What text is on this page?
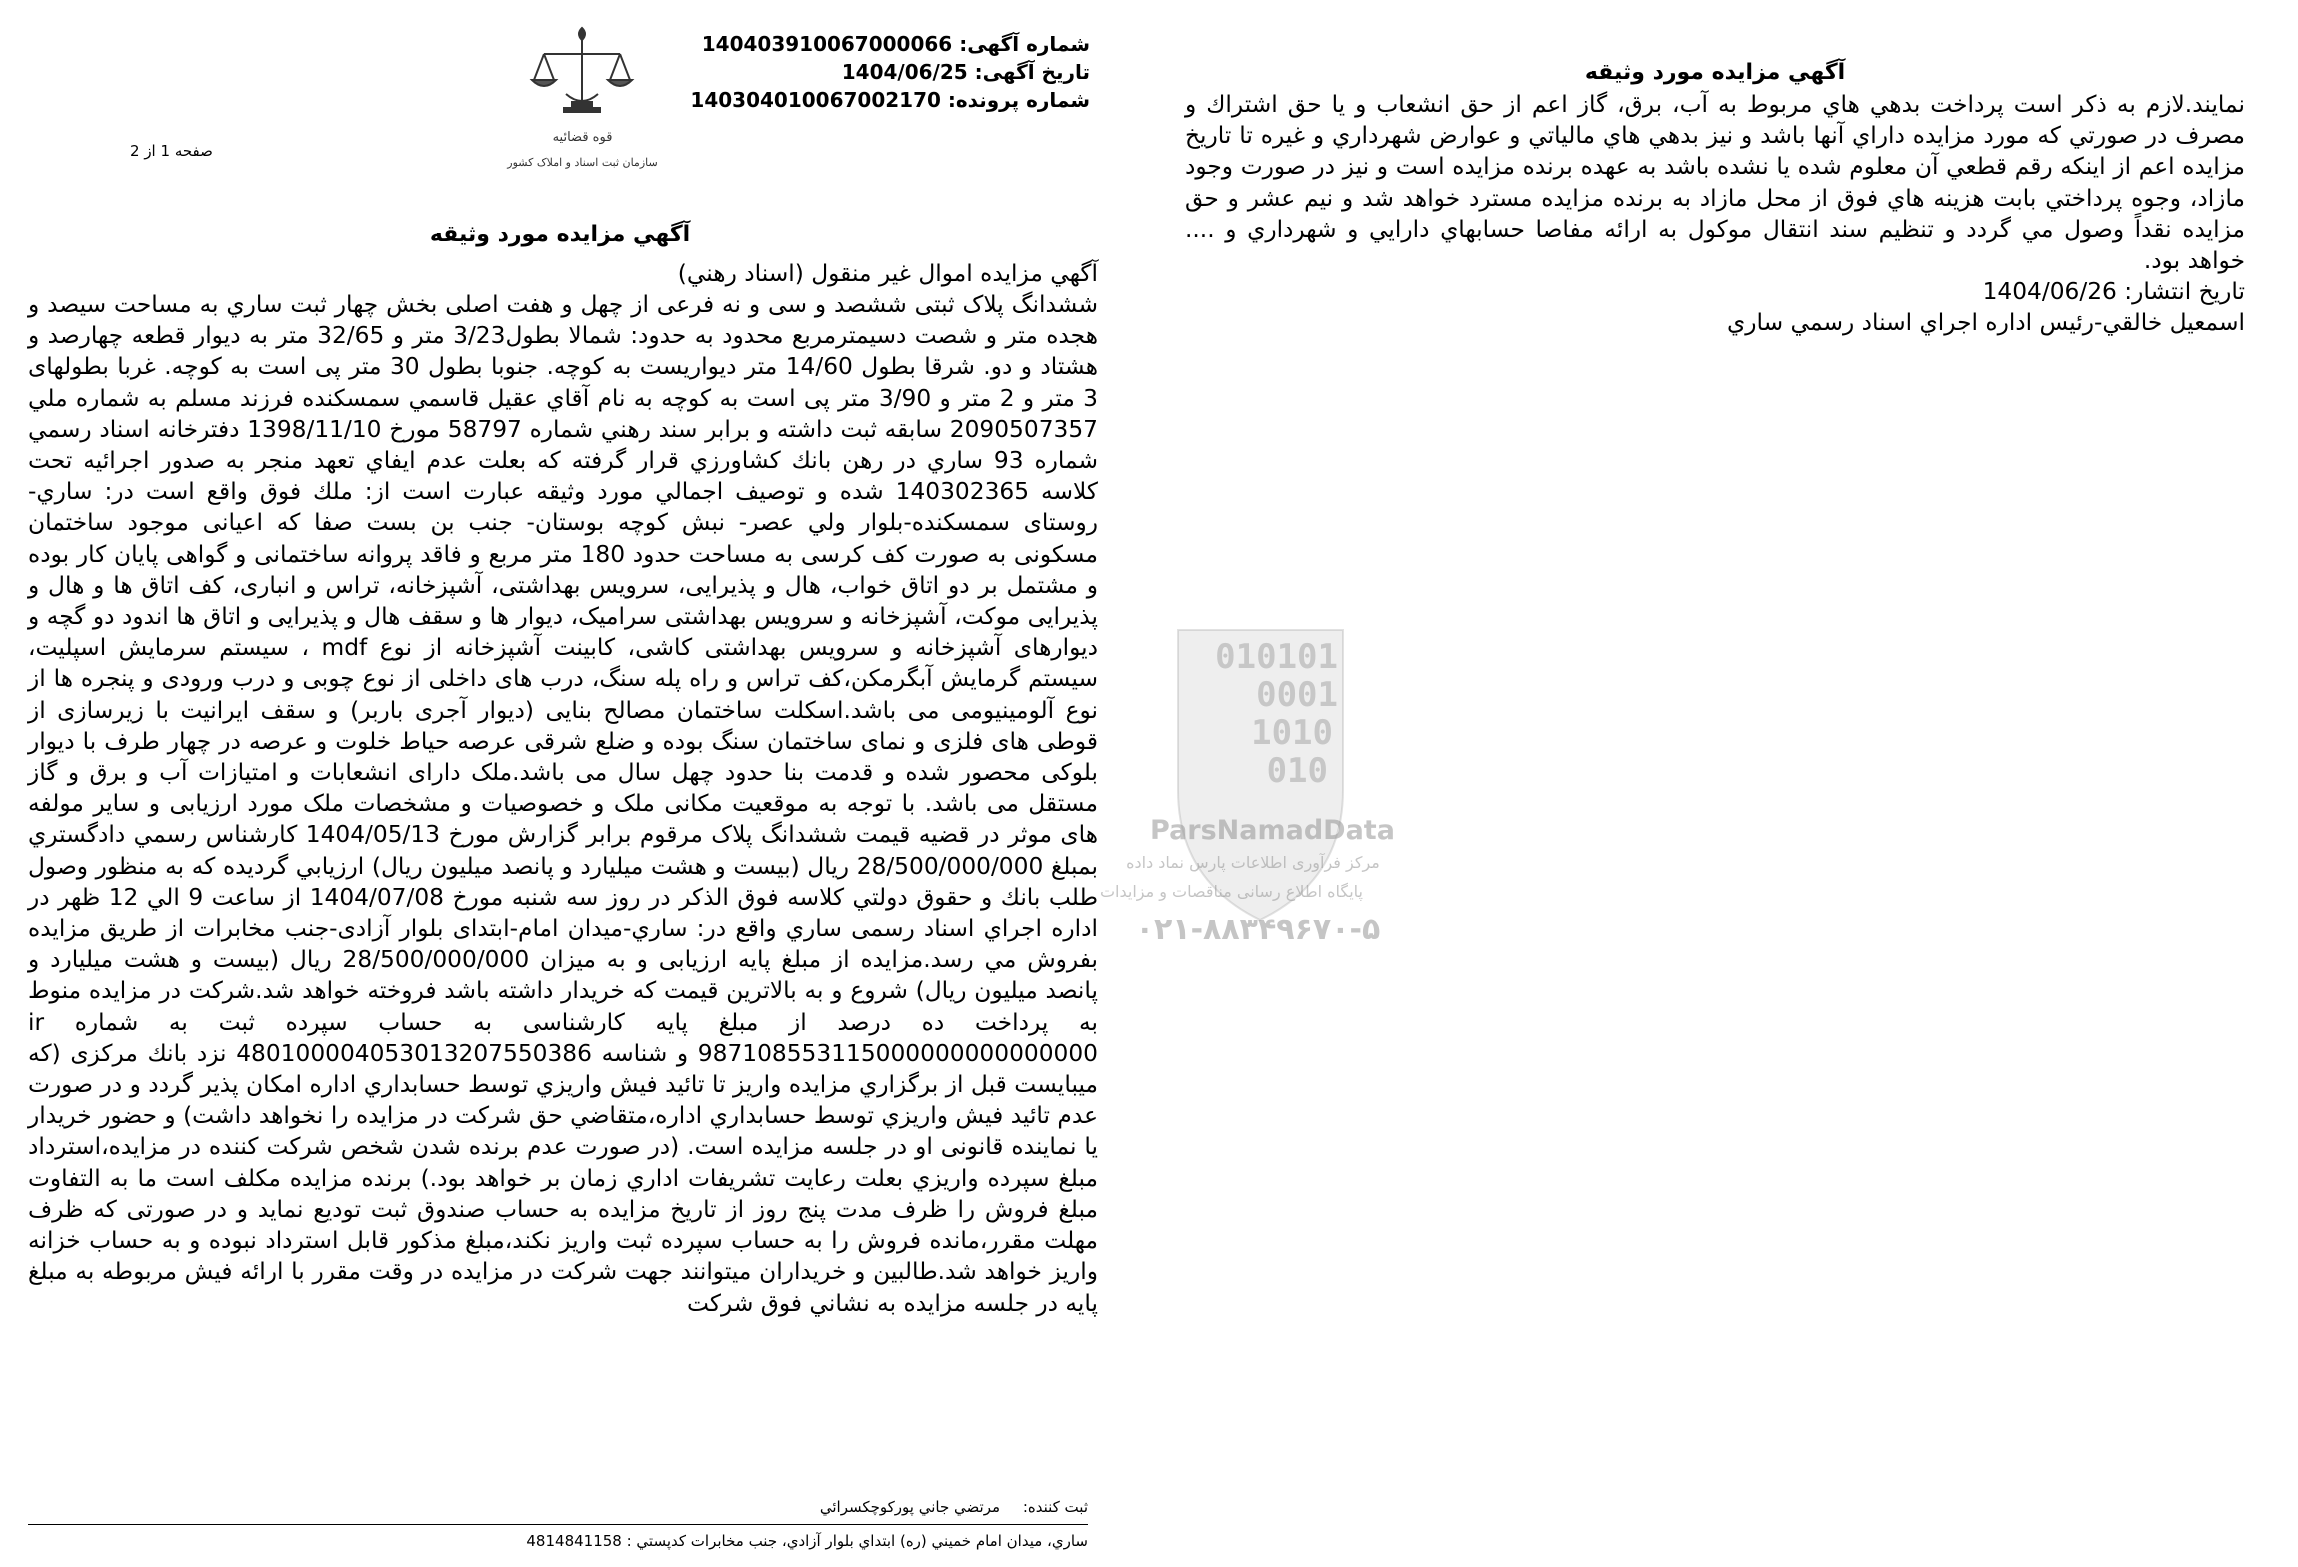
قوه قضائيه
سازمان ثبت اسناد و املاک کشور
شماره آگهی: 140403910067000066
تاریخ آگهی: 1404/06/25
شماره پرونده: 140304010067002170
صفحه 1 از 2
آگهي مزايده مورد وثيقه
آگهي مزايده اموال غير منقول (اسناد رهني)

ششدانگ پلاک ثبتی ششصد و سی و نه فرعی از چهل و هفت اصلی بخش چهار ثبت ساري به مساحت سیصد و هجده متر و شصت دسیمترمربع محدود به حدود: شمالا بطول3/23 متر و 32/65 متر به دیوار قطعه چهارصد و هشتاد و دو. شرقا بطول 14/60 متر دیواریست به کوچه. جنوبا بطول 30 متر پی است به کوچه. غربا بطولهای 3 متر و 2 متر و 3/90 متر پی است به کوچه به نام آقاي عقيل قاسمي سمسکنده فرزند مسلم به شماره ملي 2090507357 سابقه ثبت داشته و برابر سند رهني شماره 58797 مورخ 1398/11/10 دفترخانه اسناد رسمي شماره 93 ساري در رهن بانك كشاورزي قرار گرفته كه بعلت عدم ايفاي تعهد منجر به صدور اجرائيه تحت كلاسه 140302365 شده و توصيف اجمالي مورد وثيقه عبارت است از: ملك فوق واقع است در: ساري- روستای سمسکنده-بلوار ولي عصر- نبش كوچه بوستان- جنب بن بست صفا كه اعیانی موجود ساختمان مسکونی به صورت کف کرسی به مساحت حدود 180 متر مربع و فاقد پروانه ساختمانی و گواهی پایان کار بوده و مشتمل بر دو اتاق خواب، هال و پذیرایی، سرویس بهداشتی، آشپزخانه، تراس و انباری، کف اتاق ها و هال و پذیرایی موکت، آشپزخانه و سرویس بهداشتی سرامیک، دیوار ها و سقف هال و پذیرایی و اتاق ها اندود دو گچه و دیوارهای آشپزخانه و سرویس بهداشتی کاشی، کابینت آشپزخانه از نوع mdf ، سیستم سرمایش اسپلیت، سیستم گرمایش آبگرمکن،کف تراس و راه پله سنگ، درب های داخلی از نوع چوبی و درب ورودی و پنجره ها از نوع آلومینیومی می باشد.اسکلت ساختمان مصالح بنایی (دیوار آجری باربر) و سقف ایرانیت با زیرسازی از قوطی های فلزی و نمای ساختمان سنگ بوده و ضلع شرقی عرصه حیاط خلوت و عرصه در چهار طرف با دیوار بلوکی محصور شده و قدمت بنا حدود چهل سال می باشد.ملک دارای انشعابات و امتیازات آب و برق و گاز مستقل می باشد. با توجه به موقعیت مکانی ملک و خصوصیات و مشخصات ملک مورد ارزیابی و سایر مولفه های موثر در قضیه قیمت ششدانگ پلاک مرقوم برابر گزارش مورخ 1404/05/13 كارشناس رسمي دادگستري بمبلغ 28/500/000/000 ريال (بیست و هشت میلیارد و پانصد میلیون ریال) ارزيابي گرديده كه به منظور وصول طلب بانك و حقوق دولتي كلاسه فوق الذكر در روز سه شنبه مورخ 1404/07/08 از ساعت 9 الي 12 ظهر در اداره اجراي اسناد رسمی ساري واقع در: ساري-میدان امام-ابتدای بلوار آزادی-جنب مخابرات از طريق مزايده بفروش مي رسد.مزايده از مبلغ پايه ارزيابی و به ميزان 28/500/000/000 ريال (بیست و هشت میلیارد و پانصد میلیون ریال) شروع و به بالاترين قيمت كه خريدار داشته باشد فروخته خواهد شد.شركت در مزايده منوط به پرداخت ده درصد از مبلغ پايه كارشناسی به حساب سپرده ثبت به شماره ir 987108553115000000000000000 و شناسه 480100004053013207550386 نزد بانك مركزی (كه ميبايست قبل از برگزاري مزايده واريز تا تائيد فيش واريزي توسط حسابداري اداره امكان پذير گردد و در صورت عدم تائيد فيش واريزي توسط حسابداري اداره،متقاضي حق شركت در مزايده را نخواهد داشت) و حضور خريدار يا نماينده قانونی او در جلسه مزايده است. (در صورت عدم برنده شدن شخص شركت كننده در مزايده،استرداد مبلغ سپرده واريزي بعلت رعايت تشريفات اداري زمان بر خواهد بود.) برنده مزايده مكلف است ما به التفاوت مبلغ فروش را ظرف مدت پنج روز از تاريخ مزايده به حساب صندوق ثبت توديع نمايد و در صورتی كه ظرف مهلت مقرر،مانده فروش را به حساب سپرده ثبت واريز نكند،مبلغ مذكور قابل استرداد نبوده و به حساب خزانه واريز خواهد شد.طالبين و خريداران ميتوانند جهت شركت در مزايده در وقت مقرر با ارائه فيش مربوطه به مبلغ پايه در جلسه مزايده به نشاني فوق شركت

آگهي مزايده مورد وثيقه

نمايند.لازم به ذكر است پرداخت بدهي هاي مربوط به آب، برق، گاز اعم از حق انشعاب و يا حق اشتراك و مصرف در صورتي كه مورد مزايده داراي آنها باشد و نيز بدهي هاي مالياتي و عوارض شهرداري و غيره تا تاريخ مزايده اعم از اينكه رقم قطعي آن معلوم شده يا نشده باشد به عهده برنده مزايده است و نيز در صورت وجود مازاد، وجوه پرداختي بابت هزينه هاي فوق از محل مازاد به برنده مزايده مسترد خواهد شد و نيم عشر و حق مزايده نقداً وصول مي گردد و تنظيم سند انتقال موكول به ارائه مفاصا حسابهاي دارايي و شهرداري و .... خواهد بود.

تاريخ انتشار: 1404/06/26
اسمعيل خالقي-رئيس اداره اجراي اسناد رسمي ساري
010101
0001
1010
010
ParsNamadData
مرکز فرآوری اطلاعات پارس نماد داده
پایگاه اطلاع رسانی مناقصات و مزایدات
۰۲۱-۸۸۳۴۹۶۷۰-۵
ثبت کننده: مرتضي جاني پوركوچكسرائي
ساري، ميدان امام خميني (ره) ابتداي بلوار آزادي، جنب مخابرات كدپستي : 4814841158
